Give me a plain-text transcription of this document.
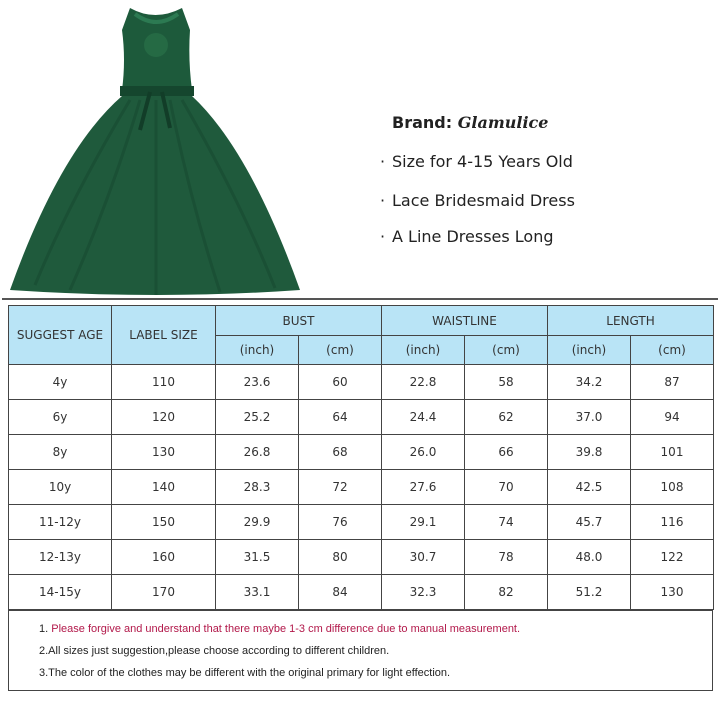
Brand: Glamulice
· Size for 4-15 Years Old
· Lace Bridesmaid Dress
· A Line Dresses Long
SUGGEST AGE	LABEL SIZE	BUST		WAISTLINE		LENGTH	
		(inch)	(cm)	(inch)	(cm)	(inch)	(cm)
4y	110	23.6	60	22.8	58	34.2	87
6y	120	25.2	64	24.4	62	37.0	94
8y	130	26.8	68	26.0	66	39.8	101
10y	140	28.3	72	27.6	70	42.5	108
11-12y	150	29.9	76	29.1	74	45.7	116
12-13y	160	31.5	80	30.7	78	48.0	122
14-15y	170	33.1	84	32.3	82	51.2	130
1. Please forgive and understand that there maybe 1-3 cm difference due to manual measurement.
2.All sizes just suggestion,please choose according to different children.
3.The color of the clothes may be different with the original primary for light effection.
